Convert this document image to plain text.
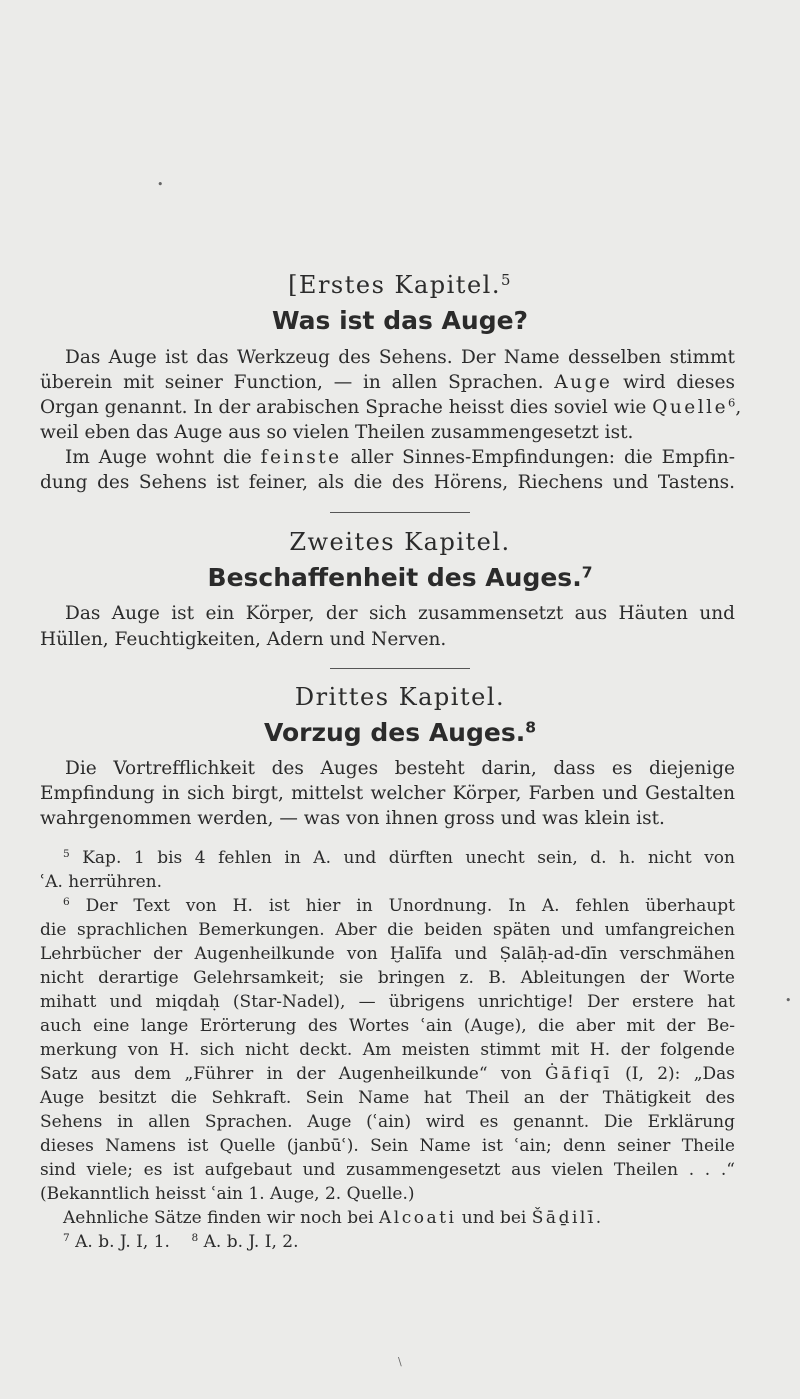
•
•
\
[Erstes Kapitel.$^5$
Was ist das Auge?
Das Auge ist das Werkzeug des Sehens. Der Name desselben stimmt
überein mit seiner Function, — in allen Sprachen. Auge wird dieses
Organ genannt. In der arabischen Sprache heisst dies soviel wie Quelle$^6$,
weil eben das Auge aus so vielen Theilen zusammengesetzt ist.
Im Auge wohnt die feinste aller Sinnes-Empfindungen: die Empfin-
dung des Sehens ist feiner, als die des Hörens, Riechens und Tastens.
Zweites Kapitel.
Beschaffenheit des Auges.$^7$
Das Auge ist ein Körper, der sich zusammensetzt aus Häuten und
Hüllen, Feuchtigkeiten, Adern und Nerven.
Drittes Kapitel.
Vorzug des Auges.$^8$
Die Vortrefflichkeit des Auges besteht darin, dass es diejenige
Empfindung in sich birgt, mittelst welcher Körper, Farben und Gestalten
wahrgenommen werden, — was von ihnen gross und was klein ist.
$^5$ Kap. 1 bis 4 fehlen in A. und dürften unecht sein, d. h. nicht von
ʿA. herrühren.
$^6$ Der Text von H. ist hier in Unordnung. In A. fehlen überhaupt
die sprachlichen Bemerkungen. Aber die beiden späten und umfangreichen
Lehrbücher der Augenheilkunde von Ḫalīfa und Ṣalāḥ-ad-dīn verschmähen
nicht derartige Gelehrsamkeit; sie bringen z. B. Ableitungen der Worte
mihatt und miqdaḥ (Star-Nadel), — übrigens unrichtige! Der erstere hat
auch eine lange Erörterung des Wortes ʿain (Auge), die aber mit der Be-
merkung von H. sich nicht deckt. Am meisten stimmt mit H. der folgende
Satz aus dem „Führer in der Augenheilkunde“ von Ġāfiqī (I, 2): „Das
Auge besitzt die Sehkraft. Sein Name hat Theil an der Thätigkeit des
Sehens in allen Sprachen. Auge (ʿain) wird es genannt. Die Erklärung
dieses Namens ist Quelle (janbūʿ). Sein Name ist ʿain; denn seiner Theile
sind viele; es ist aufgebaut und zusammengesetzt aus vielen Theilen . . .“
(Bekanntlich heisst ʿain 1. Auge, 2. Quelle.)
Aehnliche Sätze finden wir noch bei Alcoati und bei Šāḏilī.
$^7$ A. b. J. I, 1.    $^8$ A. b. J. I, 2.
